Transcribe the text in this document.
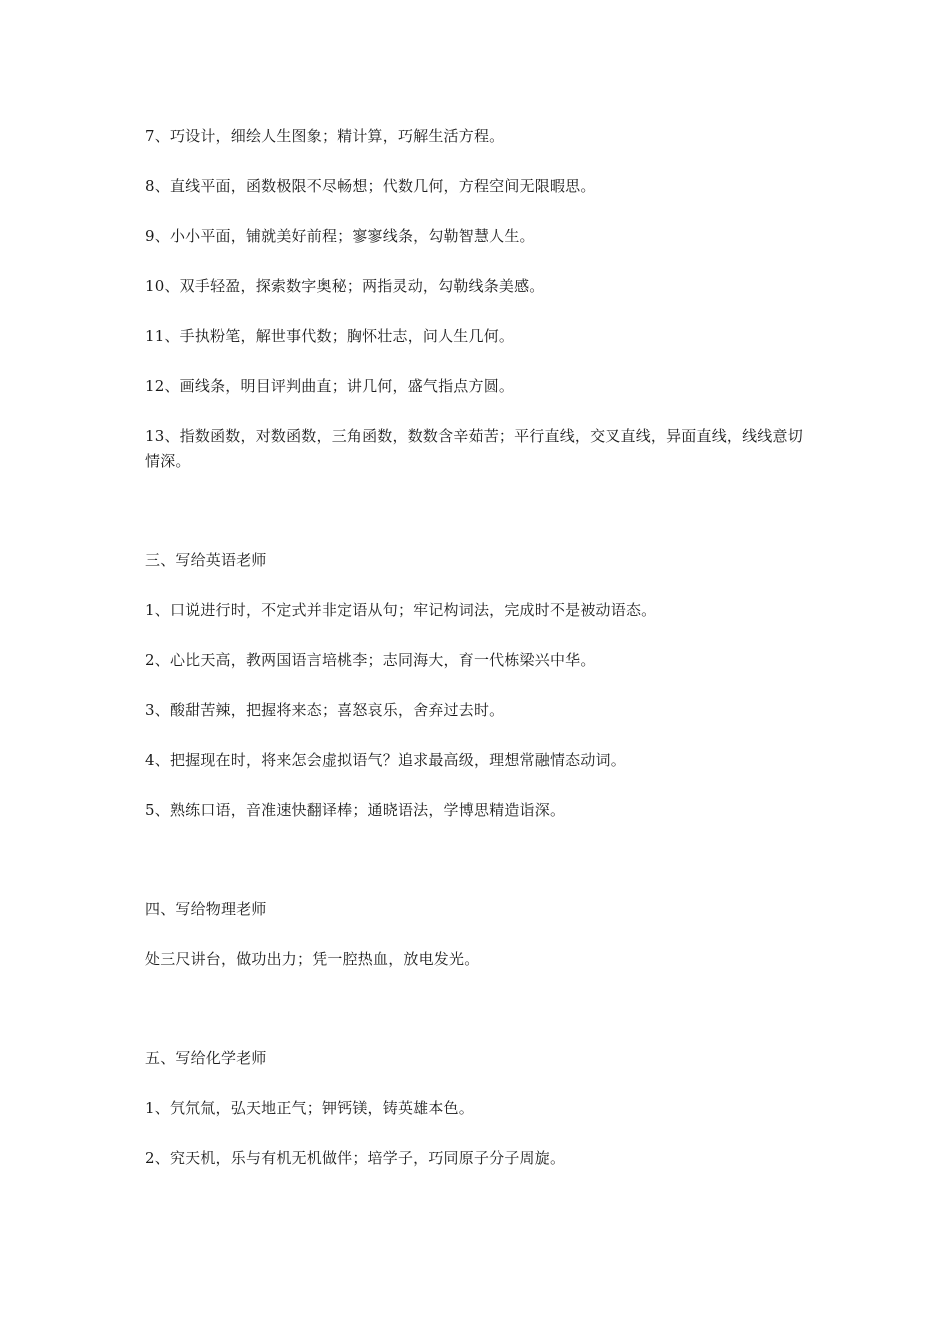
7、巧设计，细绘人生图象；精计算，巧解生活方程。

8、直线平面，函数极限不尽畅想；代数几何，方程空间无限暇思。

9、小小平面，铺就美好前程；寥寥线条，勾勒智慧人生。

10、双手轻盈，探索数字奥秘；两指灵动，勾勒线条美感。

11、手执粉笔，解世事代数；胸怀壮志，问人生几何。

12、画线条，明目评判曲直；讲几何，盛气指点方圆。

13、指数函数，对数函数，三角函数，数数含辛茹苦；平行直线，交叉直线，异面直线，线线意切情深。

三、写给英语老师

1、口说进行时，不定式并非定语从句；牢记构词法，完成时不是被动语态。

2、心比天高，教两国语言培桃李；志同海大，育一代栋梁兴中华。

3、酸甜苦辣，把握将来态；喜怒哀乐，舍弃过去时。

4、把握现在时，将来怎会虚拟语气？追求最高级，理想常融情态动词。

5、熟练口语，音准速快翻译棒；通晓语法，学博思精造诣深。

四、写给物理老师

处三尺讲台，做功出力；凭一腔热血，放电发光。

五、写给化学老师

1、氕氘氚，弘天地正气；钾钙镁，铸英雄本色。

2、究天机，乐与有机无机做伴；培学子，巧同原子分子周旋。
